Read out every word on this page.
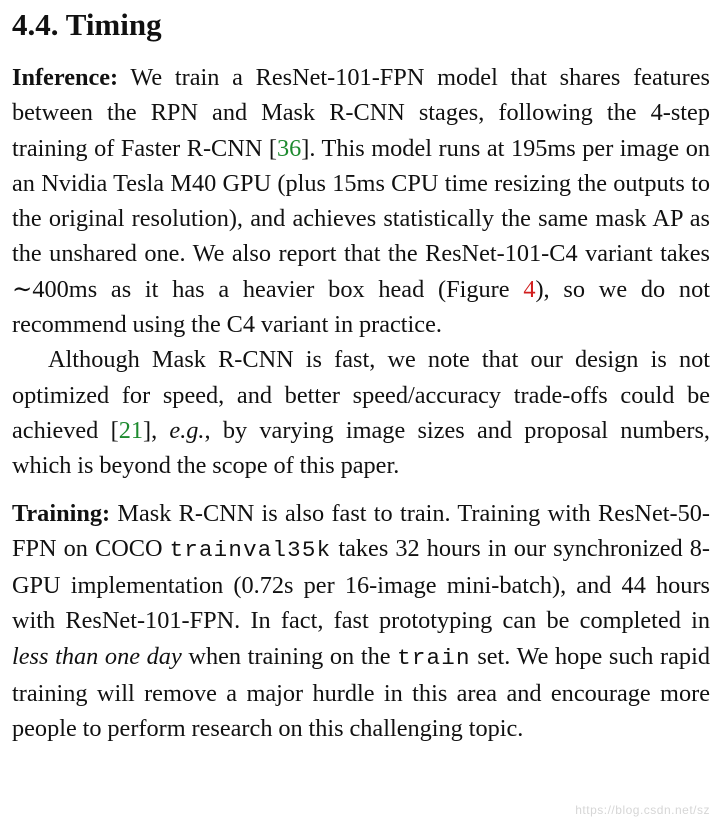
4.4. Timing

Inference: We train a ResNet-101-FPN model that shares features between the RPN and Mask R-CNN stages, following the 4-step training of Faster R-CNN [36]. This model runs at 195ms per image on an Nvidia Tesla M40 GPU (plus 15ms CPU time resizing the outputs to the original resolution), and achieves statistically the same mask AP as the unshared one. We also report that the ResNet-101-C4 variant takes ∼400ms as it has a heavier box head (Figure 4), so we do not recommend using the C4 variant in practice.

Although Mask R-CNN is fast, we note that our design is not optimized for speed, and better speed/accuracy trade-offs could be achieved [21], e.g., by varying image sizes and proposal numbers, which is beyond the scope of this paper.

Training: Mask R-CNN is also fast to train. Training with ResNet-50-FPN on COCO trainval35k takes 32 hours in our synchronized 8-GPU implementation (0.72s per 16-image mini-batch), and 44 hours with ResNet-101-FPN. In fact, fast prototyping can be completed in less than one day when training on the train set. We hope such rapid training will remove a major hurdle in this area and encourage more people to perform research on this challenging topic.

https://blog.csdn.net/sz
